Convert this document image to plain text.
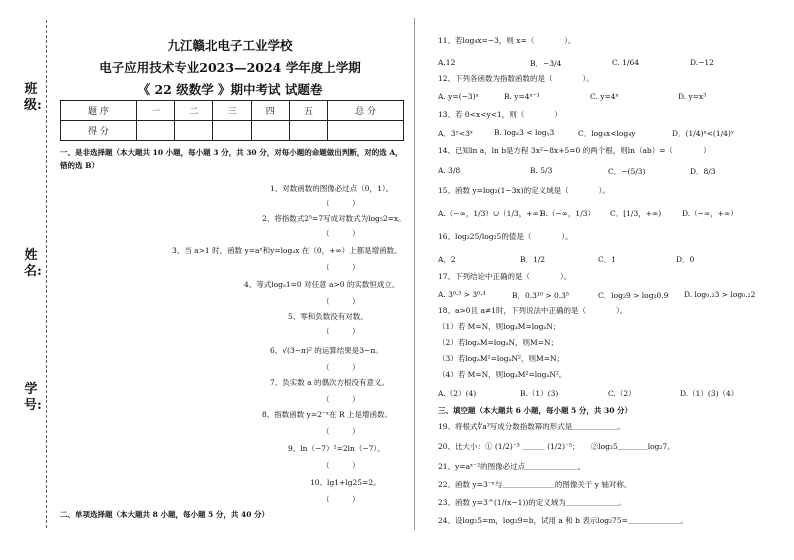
班级:
姓名:
学号:
九江赣北电子工业学校
电子应用技术专业2023—2024 学年度上学期
《 22 级数学 》期中考试 试题卷
题 序	一	二	三	四	五	总 分
得 分						
一、是非选择题（本大题共 10 小题，每小题 3 分，共 30 分，对每小题的命题做出判断，对的选 A，错的选 B）
1、对数函数的图像必过点（0，1）。
（　　　）
2、将指数式2⁵=7写成对数式为log₅2=x。
（　　　）
3、当 a>1 时，函数 y=aˣ和y=logₐx 在（0，+∞）上都是增函数。
（　　　）
4、等式logₐ1=0 对任意 a>0 的实数恒成立。
（　　　）
5、零和负数没有对数。
（　　　）
6、√(3−π)² 的运算结果是3−π。
（　　　）
7、负实数 a 的偶次方根没有意义。
（　　　）
8、指数函数 y=2⁻ˣ在 R 上是增函数。
（　　　）
9、ln（−7）²=2ln（−7）。
（　　　）
10、lg1+lg25=2。
（　　　）
二、单项选择题（本大题共 8 小题，每小题 5 分，共 40 分）
11、若log₄x=−3，则 x=（　　　　）。
A.12	B．−3/4	C. 1/64	D.−12
12、下列各函数为指数函数的是（　　　　）。
A. y=(−3)ˣ	B. y=4ˣ⁻¹	C. y=4ˣ	D. y=x³
13、若 0<x<y<1，则（　　　　）
A．3ʸ<3ˣ	B. logₓ3 < logᵧ3	C．log₄x<log₄y	D．(1/4)ˣ<(1/4)ʸ
14、已知ln a，ln b是方程 3x²−8x+5=0 的两个根，则ln（ab）=（　　　　）
A. 3/8	B. 5/3	C．−(5/3)	D．8/3
15、函数 y=log₂(1−3x)的定义域是（　　　　）。
A.（−∞，1/3）∪（1/3，+∞）
B.（−∞，1/3） C．[1/3，+∞)	D.（−∞，+∞）
16、log₂25/log₂5的值是（　　　　）。
A．2	B．1/2	C．1	D．0
17、下列结论中正确的是（　　　　）。
A. 3⁰·³ > 3⁰·⁴	B．0.3¹⁰ > 0.3⁵	C．log₂9 > log₂0.9 D. log₀.₂3 > log₀.₂2
18、a>0且 a≠1时，下列说法中正确的是（　　　　）。
（1）若 M=N，则logₐM=logₐN；
（2）若logₐM=logₐN，则M=N；
（3）若logₐM²=logₐN²，则M=N；
（4）若 M=N，则logₐM²=logₐN²。
A.（2）(4)	B.（1）(3)	C.（2）	D.（1）(3)（4）
三、填空题（本大题共 6 小题，每小题 5 分，共 30 分）
19、将根式∜a³写成分数指数幂的形式是＿＿＿＿＿＿。
20、比大小：① (1/2)⁻³ ＿＿＿ (1/2)⁻⁵；　　②log₂5＿＿＿＿log₂7。
21、y=aˣ⁻²的图像必过点＿＿＿＿＿＿＿。
22、函数 y=3⁻ˣ与＿＿＿＿＿＿＿的图像关于 y 轴对称。
23、函数 y=3^(1/(x−1))的定义域为＿＿＿＿＿＿＿。
24、设log₂5=m，log₂9=b，试用 a 和 b 表示log₂75=＿＿＿＿＿＿＿。
